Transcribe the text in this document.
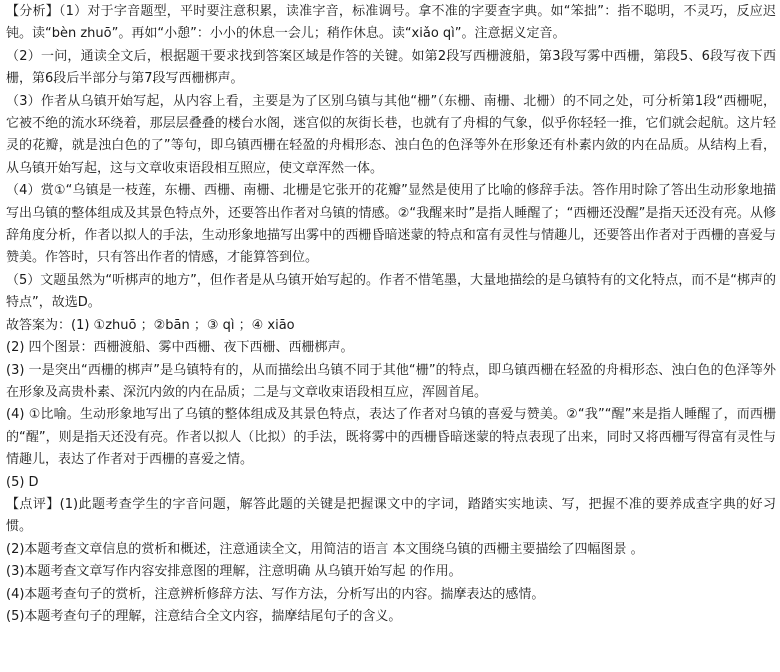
【分析】（1）对于字音题型，平时要注意积累，读准字音，标准调号。拿不准的字要查字典。如“笨拙”：指不聪明，不灵巧，反应迟钝。读“bèn zhuō”。再如“小憩”：小小的休息一会儿；稍作休息。读“xiǎo qì”。注意据义定音。

（2）一问，通读全文后，根据题干要求找到答案区域是作答的关键。如第2段写西栅渡船，第3段写雾中西栅，第段5、6段写夜下西栅，第6段后半部分与第7段写西栅梆声。

（3）作者从乌镇开始写起，从内容上看，主要是为了区别乌镇与其他“栅”（东栅、南栅、北栅）的不同之处，可分析第1段“西栅呢，它被不绝的流水环绕着，那层层叠叠的楼台水阁，迷宫似的灰街长巷，也就有了舟楫的气象，似乎你轻轻一推，它们就会起航。这片轻灵的花瓣，就是浊白色的了”等句，即乌镇西栅在轻盈的舟楫形态、浊白色的色泽等外在形象还有朴素内敛的内在品质。从结构上看，从乌镇开始写起，这与文章收束语段相互照应，使文章浑然一体。

（4）赏①“乌镇是一枝莲，东栅、西栅、南栅、北栅是它张开的花瓣”显然是使用了比喻的修辞手法。答作用时除了答出生动形象地描写出乌镇的整体组成及其景色特点外，还要答出作者对乌镇的情感。②“我醒来时”是指人睡醒了；“西栅还没醒”是指天还没有亮。从修辞角度分析，作者以拟人的手法，生动形象地描写出雾中的西栅昏暗迷蒙的特点和富有灵性与情趣儿，还要答出作者对于西栅的喜爱与赞美。作答时，只有答出作者的情感，才能算答到位。

（5）文题虽然为“听梆声的地方”，但作者是从乌镇开始写起的。作者不惜笔墨，大量地描绘的是乌镇特有的文化特点，而不是“梆声的特点”，故选D。

故答案为：(1) ①zhuō ；②bān ；③ qì ；④ xiāo

(2) 四个图景：西栅渡船、雾中西栅、夜下西栅、西栅梆声。

(3) 一是突出“西栅的梆声”是乌镇特有的，从而描绘出乌镇不同于其他“栅”的特点，即乌镇西栅在轻盈的舟楫形态、浊白色的色泽等外在形象及高贵朴素、深沉内敛的内在品质；二是与文章收束语段相互应，浑圆首尾。

(4) ①比喻。生动形象地写出了乌镇的整体组成及其景色特点，表达了作者对乌镇的喜爱与赞美。②“我”“醒”来是指人睡醒了，而西栅的“醒”，则是指天还没有亮。作者以拟人（比拟）的手法，既将雾中的西栅昏暗迷蒙的特点表现了出来，同时又将西栅写得富有灵性与情趣儿，表达了作者对于西栅的喜爱之情。

(5) D

【点评】(1)此题考查学生的字音问题，解答此题的关键是把握课文中的字词，踏踏实实地读、写，把握不准的要养成查字典的好习惯。

(2)本题考查文章信息的赏析和概述，注意通读全文，用简洁的语言 本文围绕乌镇的西栅主要描绘了四幅图景 。

(3)本题考查文章写作内容安排意图的理解，注意明确 从乌镇开始写起 的作用。

(4)本题考查句子的赏析，注意辨析修辞方法、写作方法，分析写出的内容。揣摩表达的感情。

(5)本题考查句子的理解，注意结合全文内容，揣摩结尾句子的含义。
